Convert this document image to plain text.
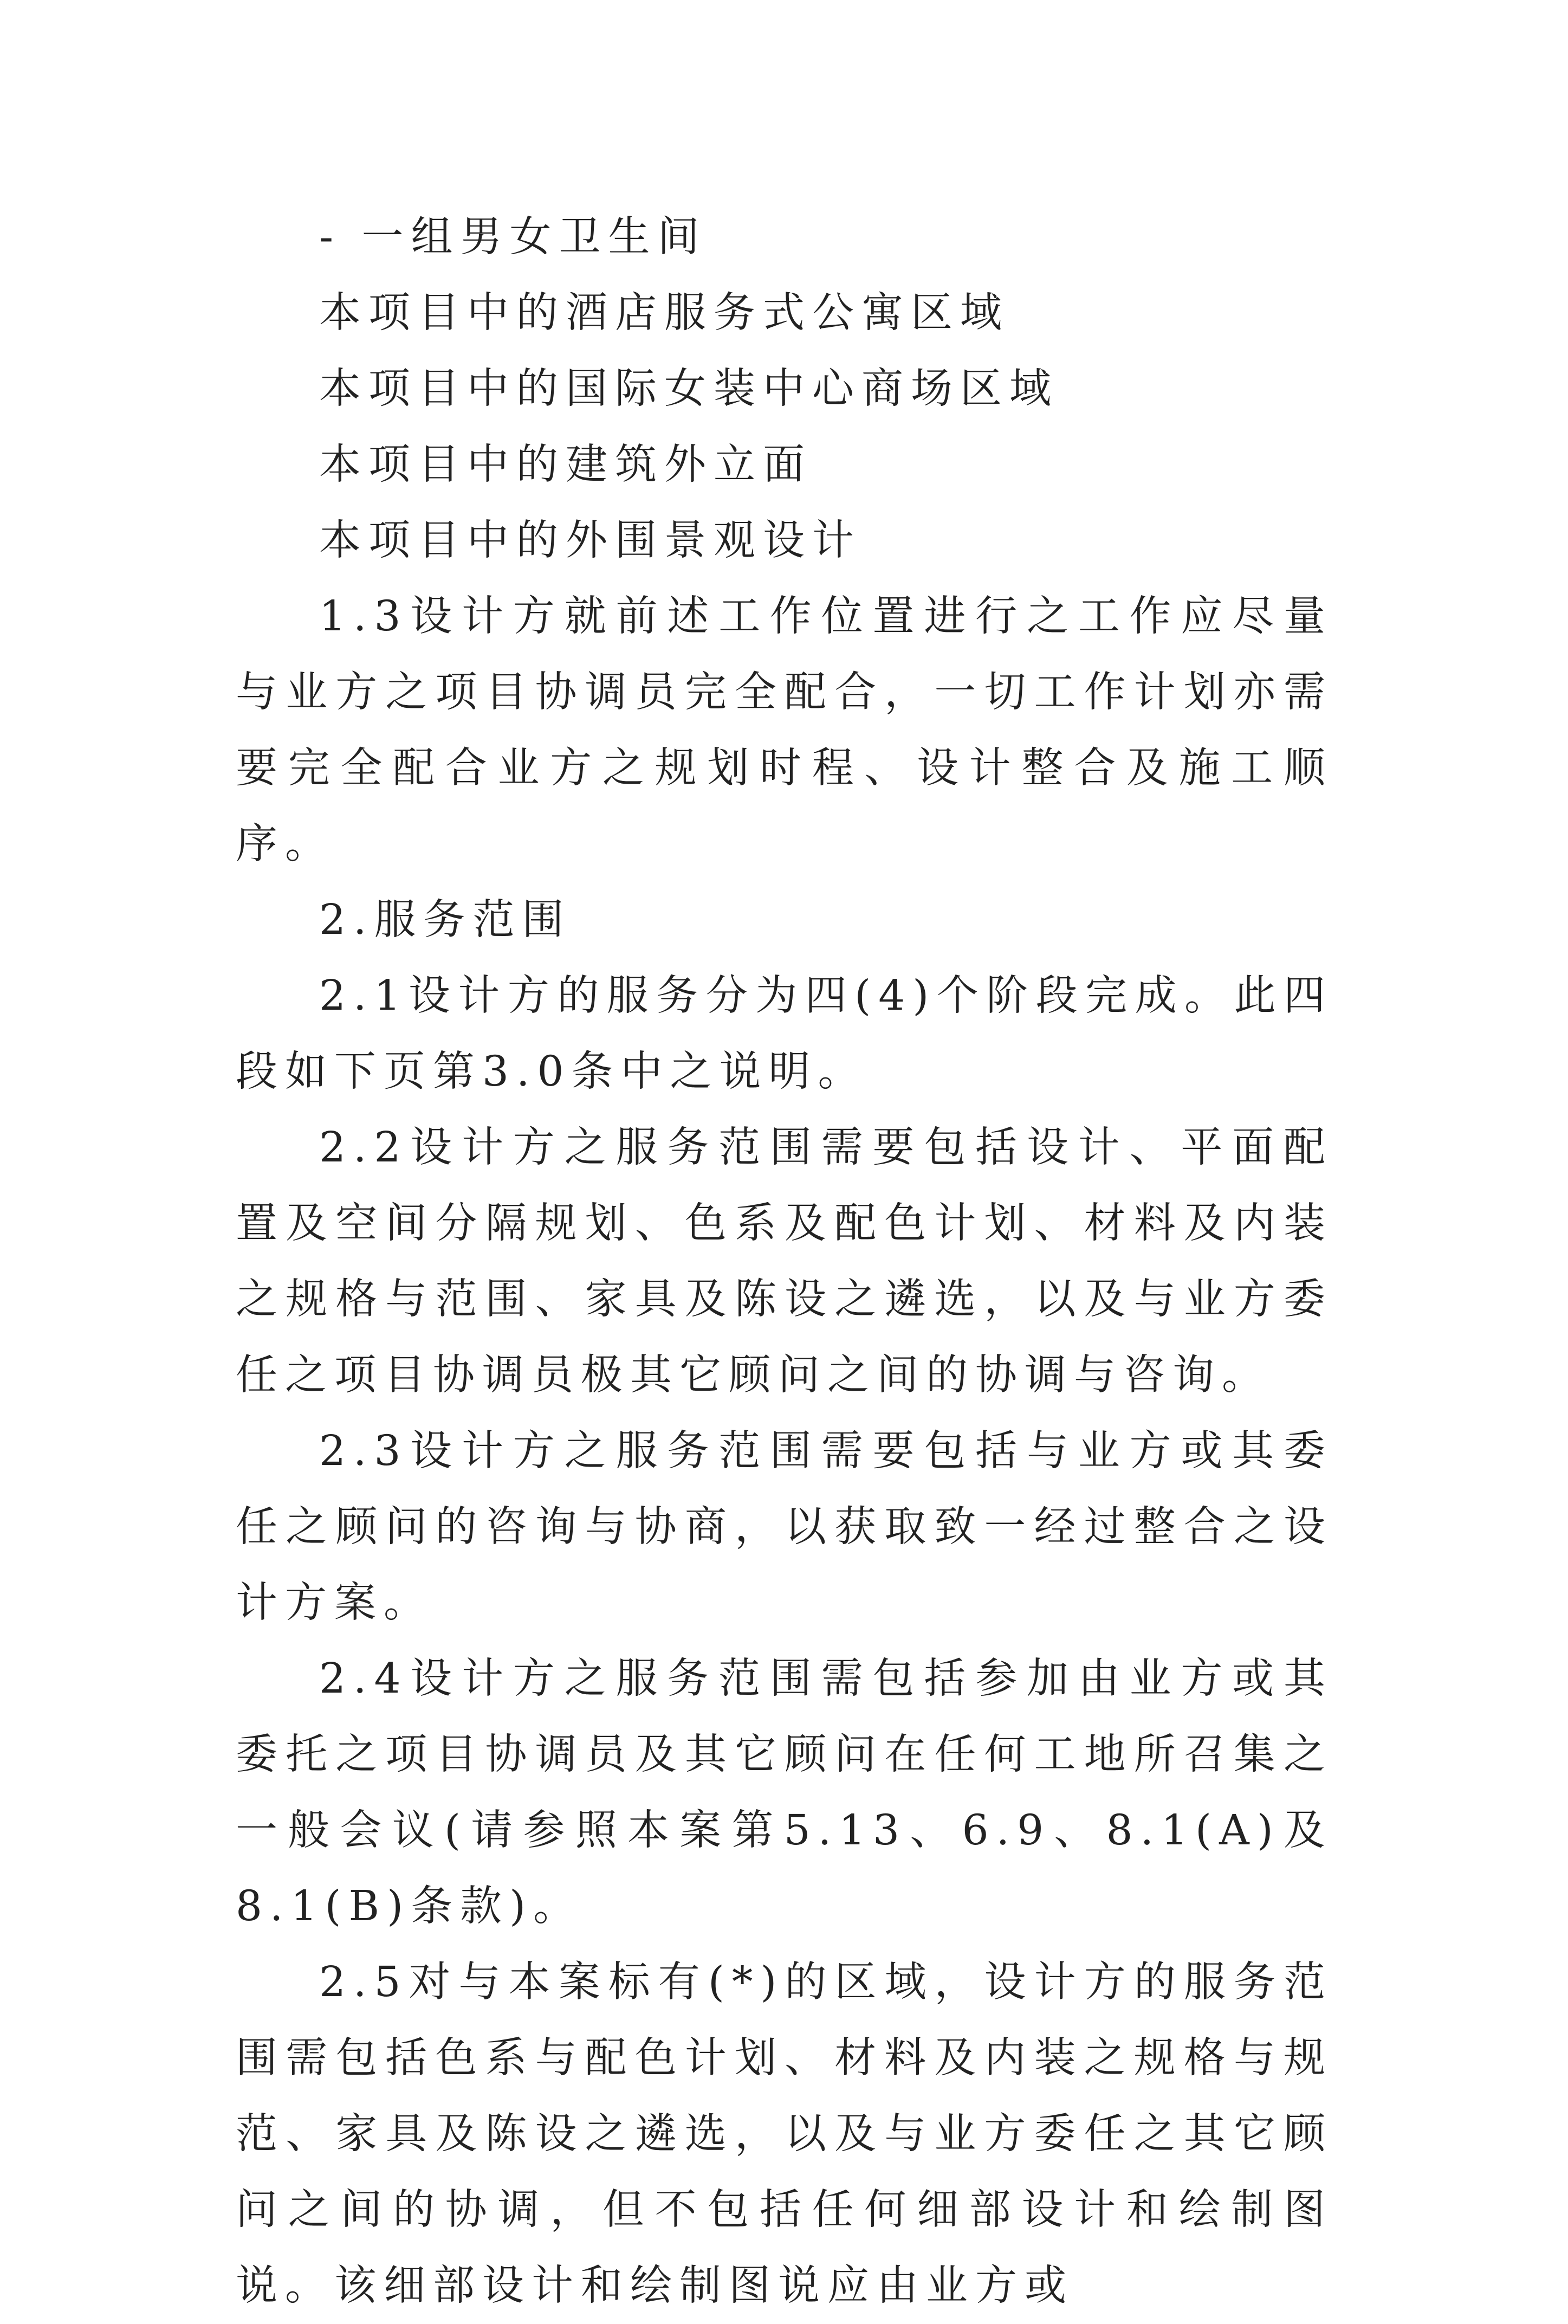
- 一组男女卫生间

本项目中的酒店服务式公寓区域

本项目中的国际女装中心商场区域

本项目中的建筑外立面

本项目中的外围景观设计

1.3设计方就前述工作位置进行之工作应尽量与业方之项目协调员完全配合，一切工作计划亦需要完全配合业方之规划时程、设计整合及施工顺序。

2.服务范围

2.1设计方的服务分为四(4)个阶段完成。此四段如下页第3.0条中之说明。

2.2设计方之服务范围需要包括设计、平面配置及空间分隔规划、色系及配色计划、材料及内装之规格与范围、家具及陈设之遴选，以及与业方委任之项目协调员极其它顾问之间的协调与咨询。

2.3设计方之服务范围需要包括与业方或其委任之顾问的咨询与协商，以获取致一经过整合之设计方案。

2.4设计方之服务范围需包括参加由业方或其委托之项目协调员及其它顾问在任何工地所召集之一般会议(请参照本案第5.13、6.9、8.1(A)及8.1(B)条款)。

2.5对与本案标有(*)的区域，设计方的服务范围需包括色系与配色计划、材料及内装之规格与规范、家具及陈设之遴选，以及与业方委任之其它顾问之间的协调，但不包括任何细部设计和绘制图说。该细部设计和绘制图说应由业方或
